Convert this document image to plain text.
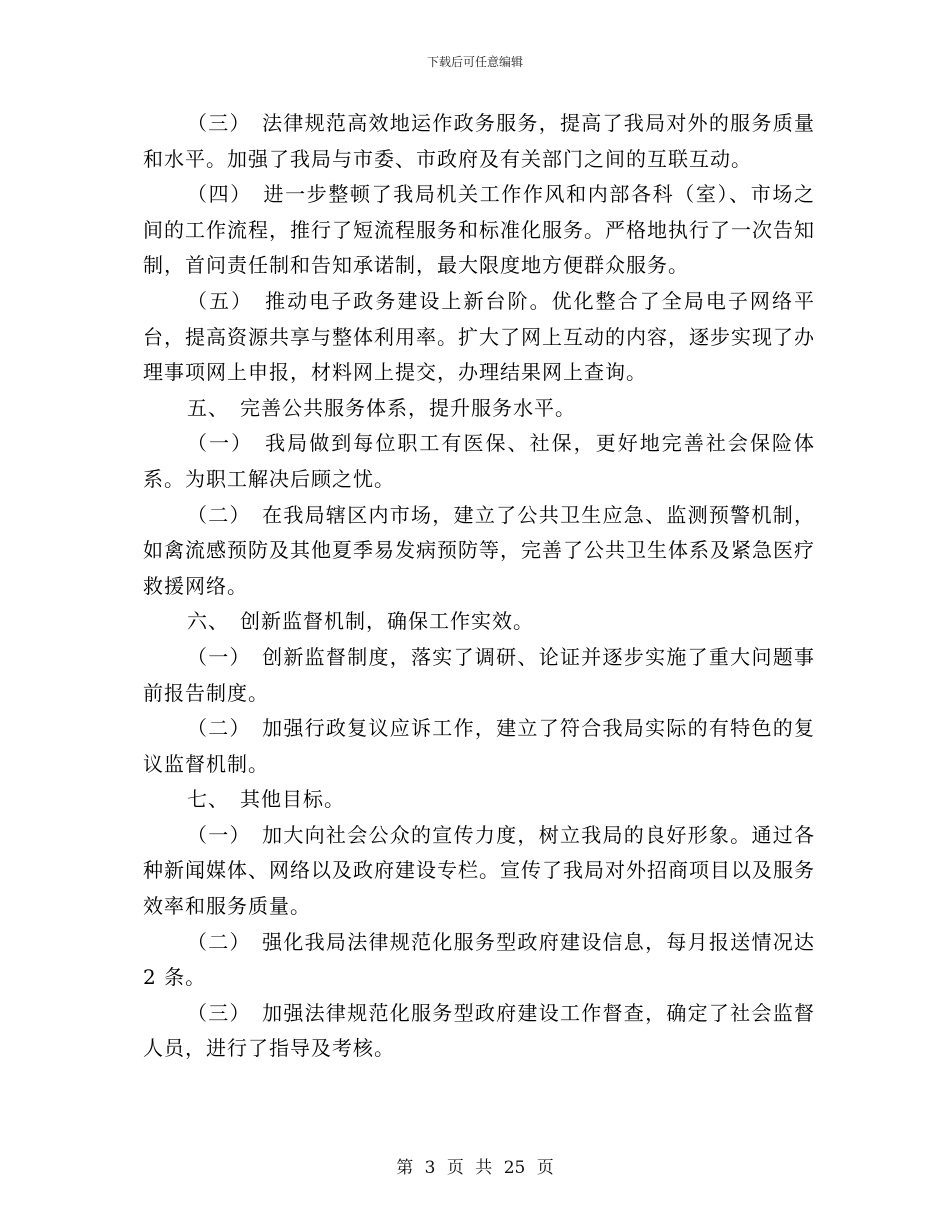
下载后可任意编辑

（三）　法律规范高效地运作政务服务，提高了我局对外的服务质量和水平。加强了我局与市委、市政府及有关部门之间的互联互动。

（四）　进一步整顿了我局机关工作作风和内部各科（室）、市场之间的工作流程，推行了短流程服务和标准化服务。严格地执行了一次告知制，首问责任制和告知承诺制，最大限度地方便群众服务。

（五）　推动电子政务建设上新台阶。优化整合了全局电子网络平台，提高资源共享与整体利用率。扩大了网上互动的内容，逐步实现了办理事项网上申报，材料网上提交，办理结果网上查询。

五、　完善公共服务体系，提升服务水平。

（一）　我局做到每位职工有医保、社保，更好地完善社会保险体系。为职工解决后顾之忧。

（二）　在我局辖区内市场，建立了公共卫生应急、监测预警机制，如禽流感预防及其他夏季易发病预防等，完善了公共卫生体系及紧急医疗救援网络。

六、　创新监督机制，确保工作实效。

（一）　创新监督制度，落实了调研、论证并逐步实施了重大问题事前报告制度。

（二）　加强行政复议应诉工作，建立了符合我局实际的有特色的复议监督机制。

七、　其他目标。

（一）　加大向社会公众的宣传力度，树立我局的良好形象。通过各种新闻媒体、网络以及政府建设专栏。宣传了我局对外招商项目以及服务效率和服务质量。

（二）　强化我局法律规范化服务型政府建设信息，每月报送情况达 2 条。

（三）　加强法律规范化服务型政府建设工作督查，确定了社会监督人员，进行了指导及考核。

第 3 页 共 25 页
